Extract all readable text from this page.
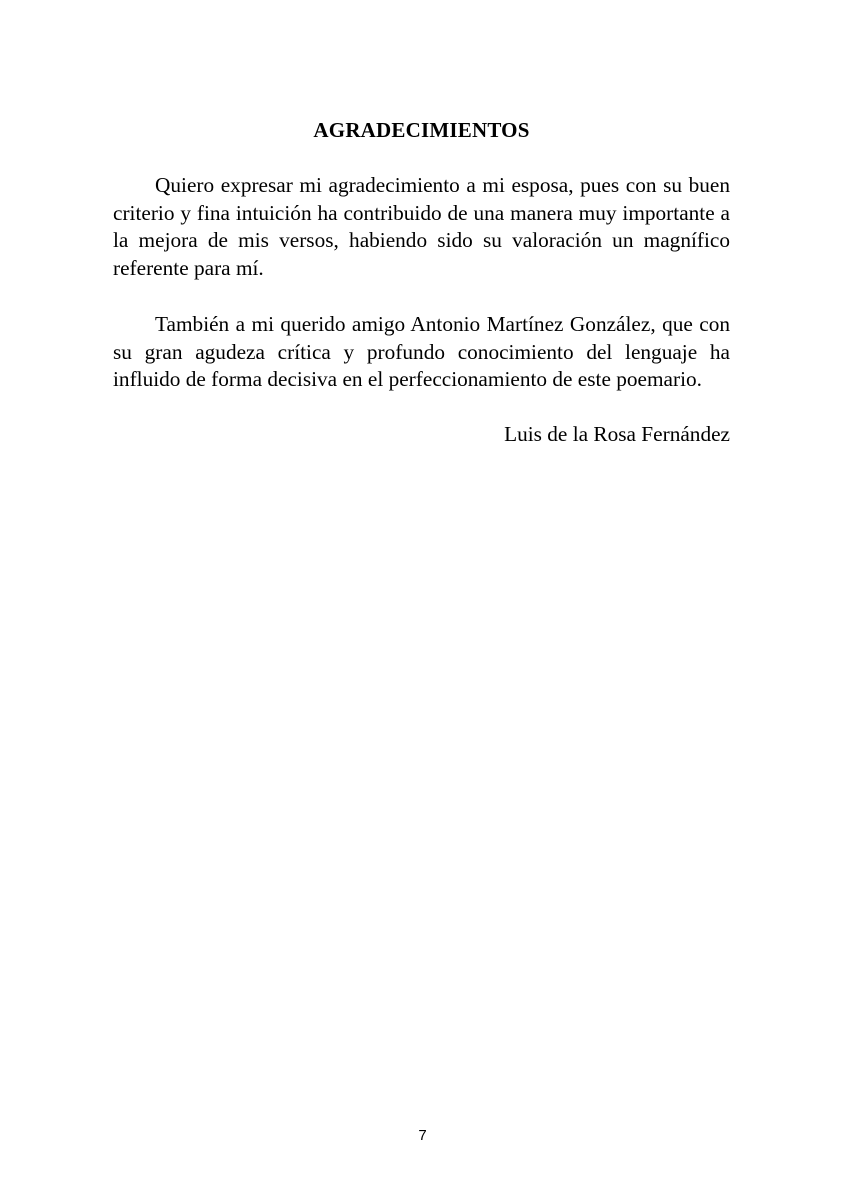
AGRADECIMIENTOS

Quiero expresar mi agradecimiento a mi esposa, pues con su buen criterio y fina intuición ha contribuido de una manera muy importante a la mejora de mis versos, habiendo sido su valoración un magnífico referente para mí.

También a mi querido amigo Antonio Martínez González, que con su gran agudeza crítica y profundo conocimiento del lenguaje ha influido de forma decisiva en el perfeccionamiento de este poemario.

Luis de la Rosa Fernández
7
